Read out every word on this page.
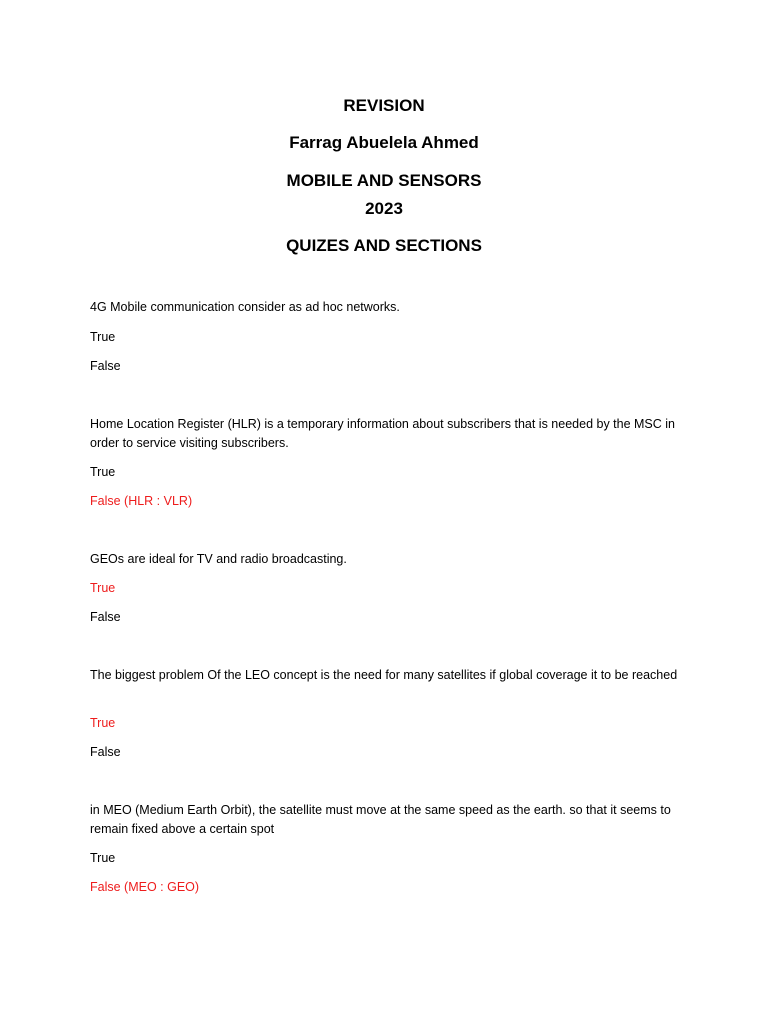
REVISION
Farrag Abuelela Ahmed
MOBILE AND SENSORS
2023
QUIZES AND SECTIONS
4G Mobile communication consider as ad hoc networks.
True
False
Home Location Register (HLR) is a temporary information about subscribers that is needed by the MSC in order to service visiting subscribers.
True
False (HLR : VLR)
GEOs are ideal for TV and radio broadcasting.
True
False
The biggest problem Of the LEO concept is the need for many satellites if global coverage it to be reached
True
False
in MEO (Medium Earth Orbit), the satellite must move at the same speed as the earth. so that it seems to remain fixed above a certain spot
True
False (MEO : GEO)
